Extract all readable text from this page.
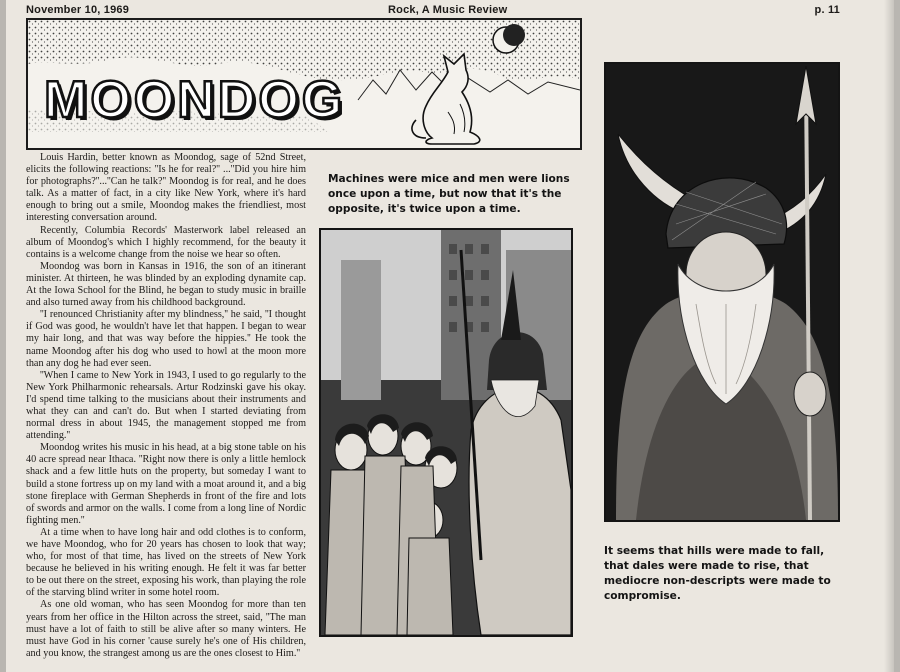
November 10, 1969	Rock, A Music Review	p. 11
MOONDOG

Louis Hardin, better known as Moondog, sage of 52nd Street, elicits the following reactions: ''Is he for real?'' ...''Did you hire him for photographs?''...''Can he talk?'' Moondog is for real, and he does talk. As a matter of fact, in a city like New York, where it's hard enough to bring out a smile, Moondog makes the friendliest, most interesting conversation around.

Recently, Columbia Records' Masterwork label released an album of Moondog's which I highly recommend, for the beauty it contains is a welcome change from the noise we hear so often.

Moondog was born in Kansas in 1916, the son of an itinerant minister. At thirteen, he was blinded by an exploding dynamite cap. At the Iowa School for the Blind, he began to study music in braille and also turned away from his childhood background.

''I renounced Christianity after my blindness,'' he said, ''I thought if God was good, he wouldn't have let that happen. I began to wear my hair long, and that was way before the hippies.'' He took the name Moondog after his dog who used to howl at the moon more than any dog he had ever seen.

''When I came to New York in 1943, I used to go regularly to the New York Philharmonic rehearsals. Artur Rodzinski gave his okay. I'd spend time talking to the musicians about their instruments and what they can and can't do. But when I started deviating from normal dress in about 1945, the management stopped me from attending.''

Moondog writes his music in his head, at a big stone table on his 40 acre spread near Ithaca. ''Right now there is only a little hemlock shack and a few little huts on the property, but someday I want to build a stone fortress up on my land with a moat around it, and a big stone fireplace with German Shepherds in front of the fire and lots of swords and armor on the walls. I come from a long line of Nordic fighting men.''

At a time when to have long hair and odd clothes is to conform, we have Moondog, who for 20 years has chosen to look that way; who, for most of that time, has lived on the streets of New York because he believed in his writing enough. He felt it was far better to be out there on the street, exposing his work, than playing the role of the starving blind writer in some hotel room.

As one old woman, who has seen Moondog for more than ten years from her office in the Hilton across the street, said, ''The man must have a lot of faith to still be alive after so many winters. He must have God in his corner 'cause surely he's one of His children, and you know, the strangest among us are the ones closest to Him.''

Machines were mice and men were lions once upon a time, but now that it's the opposite, it's twice upon a time.
It seems that hills were made to fall, that dales were made to rise, that mediocre non-descripts were made to compromise.
